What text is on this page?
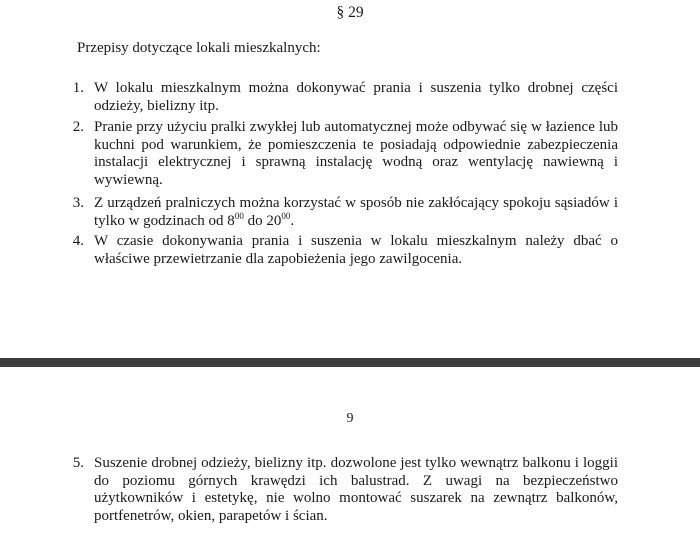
§ 29
Przepisy dotyczące lokali mieszkalnych:
1. W lokalu mieszkalnym można dokonywać prania i suszenia tylko drobnej części odzieży, bielizny itp.
2. Pranie przy użyciu pralki zwykłej lub automatycznej może odbywać się w łazience lub kuchni pod warunkiem, że pomieszczenia te posiadają odpowiednie zabezpieczenia instalacji elektrycznej i sprawną instalację wodną oraz wentylację nawiewną i wywiewną.
3. Z urządzeń pralniczych można korzystać w sposób nie zakłócający spokoju sąsiadów i tylko w godzinach od $8^{00}$ do $20^{00}$.
4. W czasie dokonywania prania i suszenia w lokalu mieszkalnym należy dbać o właściwe przewietrzanie dla zapobieżenia jego zawilgocenia.
9
5. Suszenie drobnej odzieży, bielizny itp. dozwolone jest tylko wewnątrz balkonu i loggii do poziomu górnych krawędzi ich balustrad. Z uwagi na bezpieczeństwo użytkowników i estetykę, nie wolno montować suszarek na zewnątrz balkonów, portfenetrów, okien, parapetów i ścian.
